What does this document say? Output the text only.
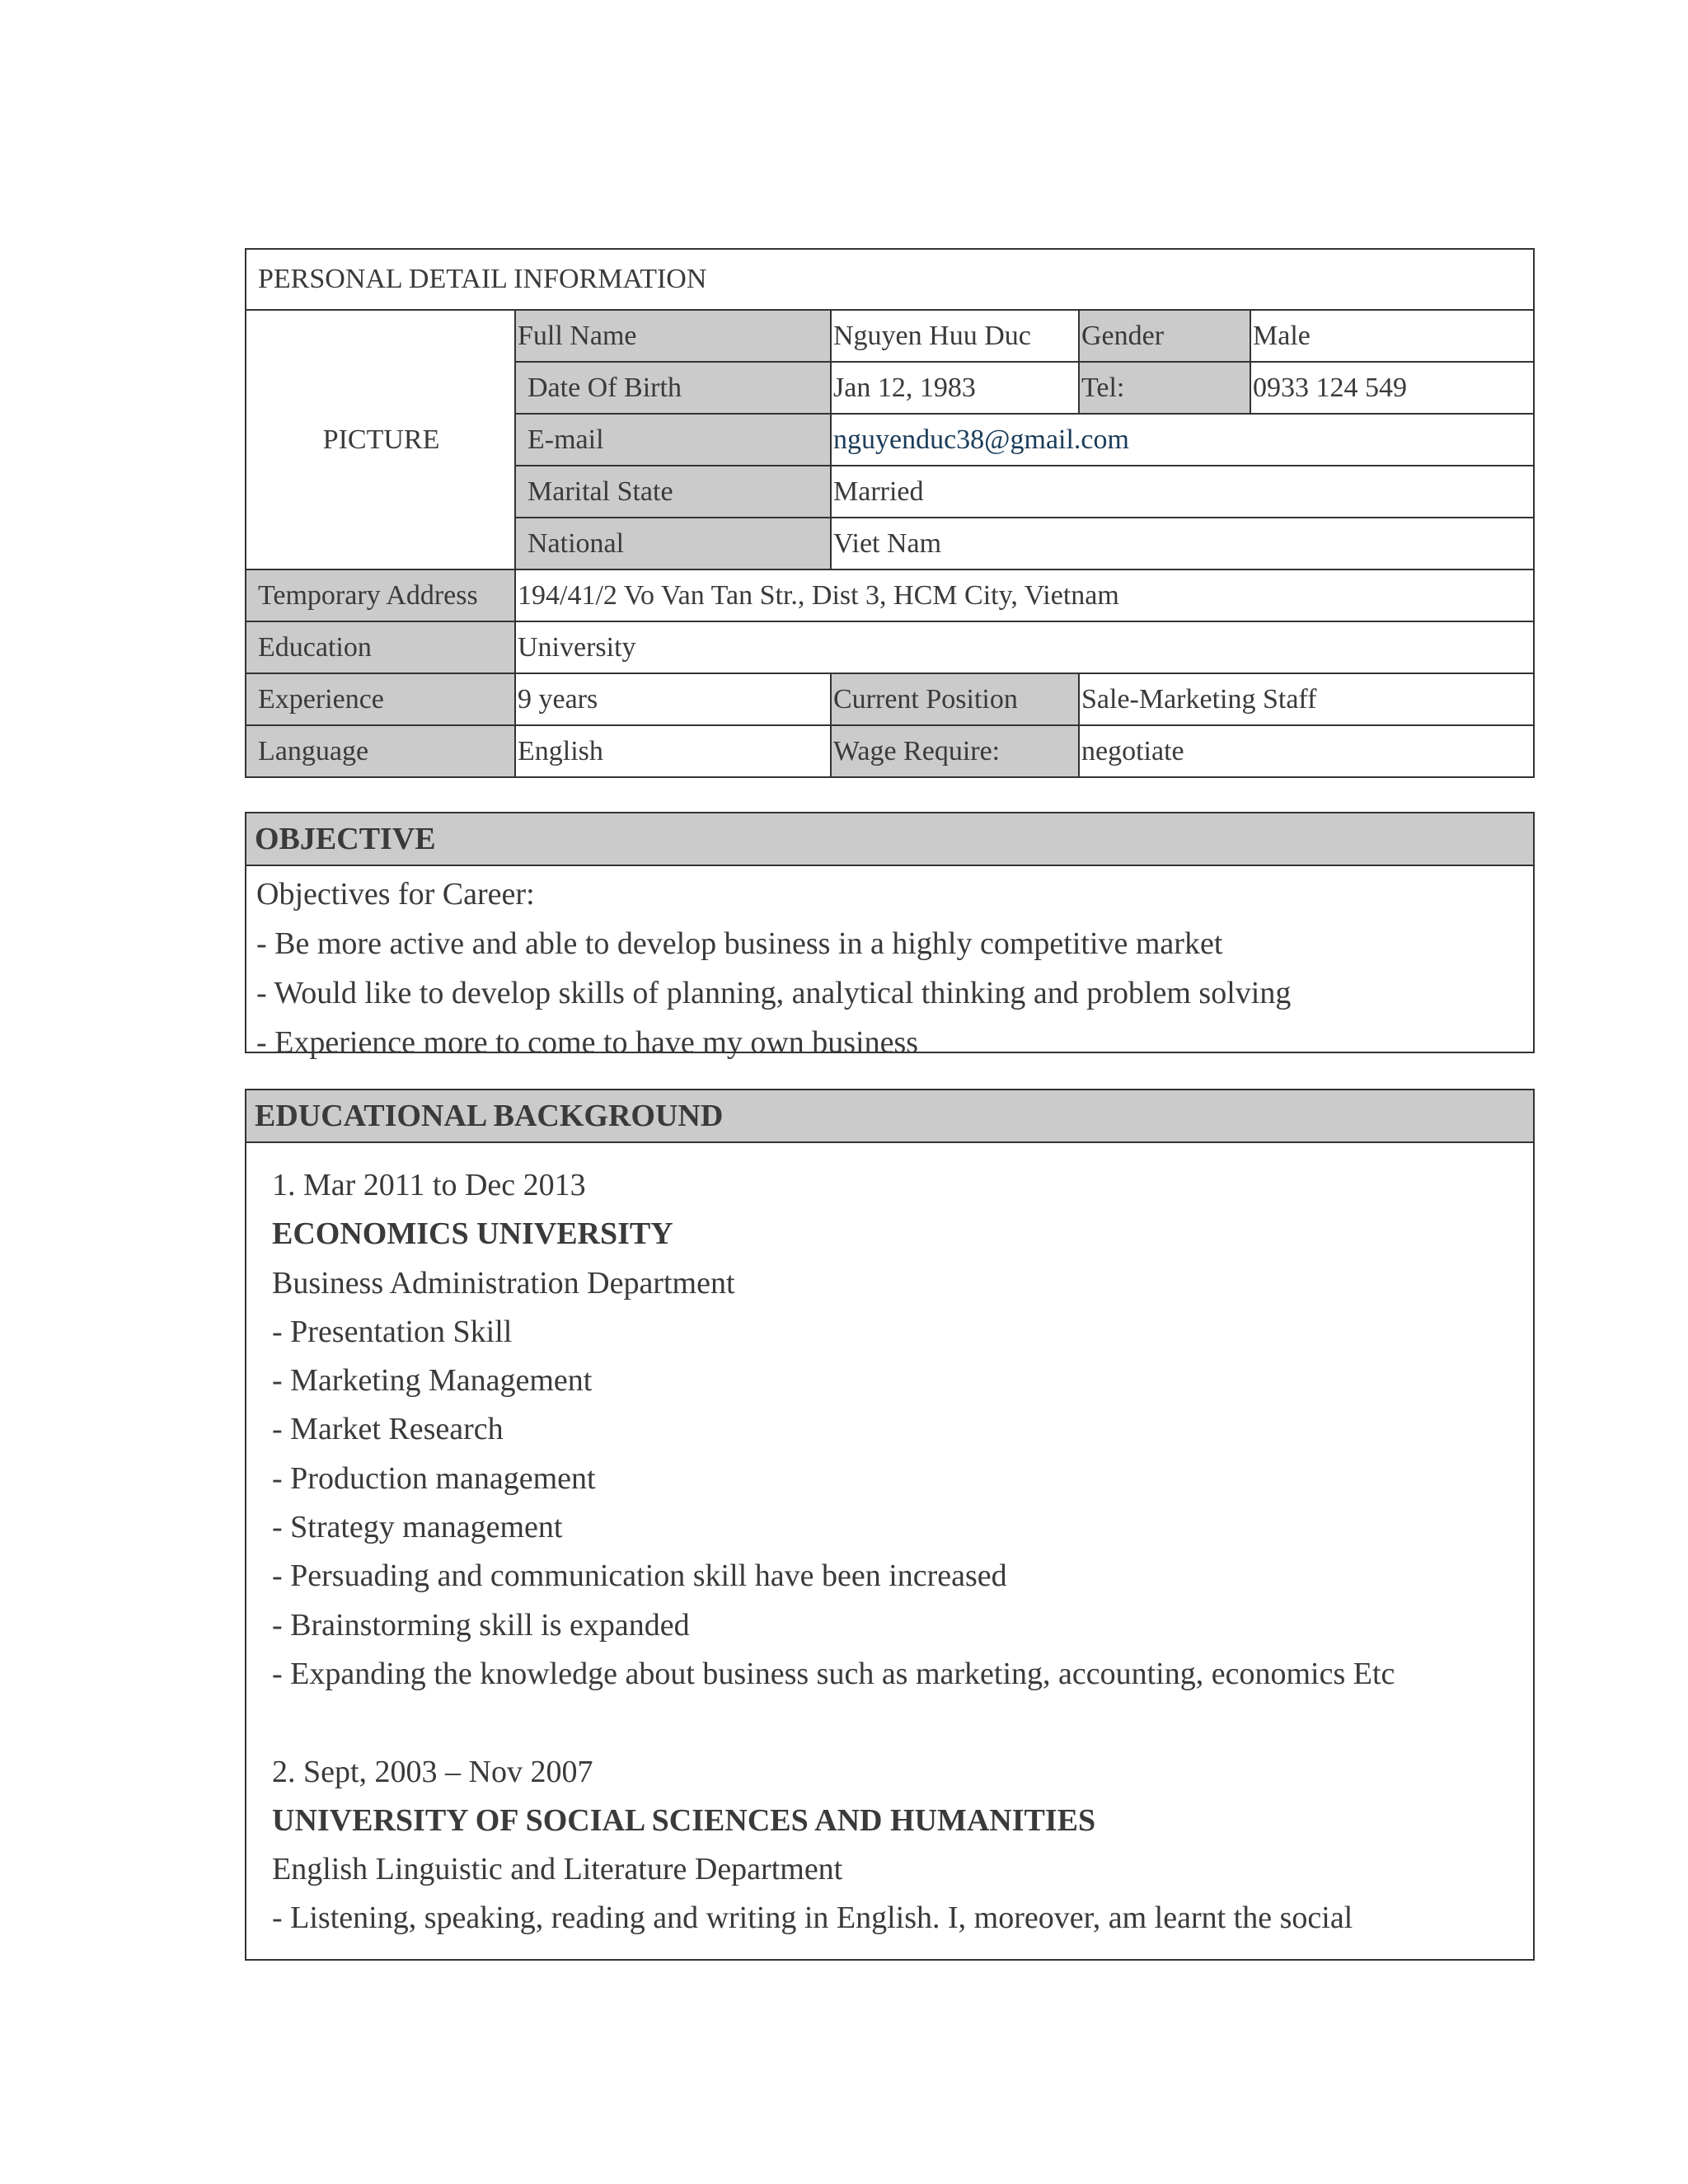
PERSONAL DETAIL INFORMATION				
PICTURE	Full Name	Nguyen Huu Duc	Gender	Male
	Date Of Birth	Jan 12, 1983	Tel:	0933 124 549
	E-mail	nguyenduc38@gmail.com		
	Marital State	Married		
	National	Viet Nam		
Temporary Address	194/41/2 Vo Van Tan Str., Dist 3, HCM City, Vietnam			
Education	University			
Experience	9 years	Current Position	Sale-Marketing Staff	
Language	English	Wage Require:	negotiate	
OBJECTIVE
Objectives for Career:
- Be more active and able to develop business in a highly competitive market
- Would like to develop skills of planning, analytical thinking and problem solving
- Experience more to come to have my own business
EDUCATIONAL BACKGROUND
1. Mar 2011 to Dec 2013
ECONOMICS UNIVERSITY
Business Administration Department
- Presentation Skill
- Marketing Management
- Market Research
- Production management
- Strategy management
- Persuading and communication skill have been increased
- Brainstorming skill is expanded
- Expanding the knowledge about business such as marketing, accounting, economics Etc
2. Sept, 2003 – Nov 2007
UNIVERSITY OF SOCIAL SCIENCES AND HUMANITIES
English Linguistic and Literature Department
- Listening, speaking, reading and writing in English. I, moreover, am learnt the social
